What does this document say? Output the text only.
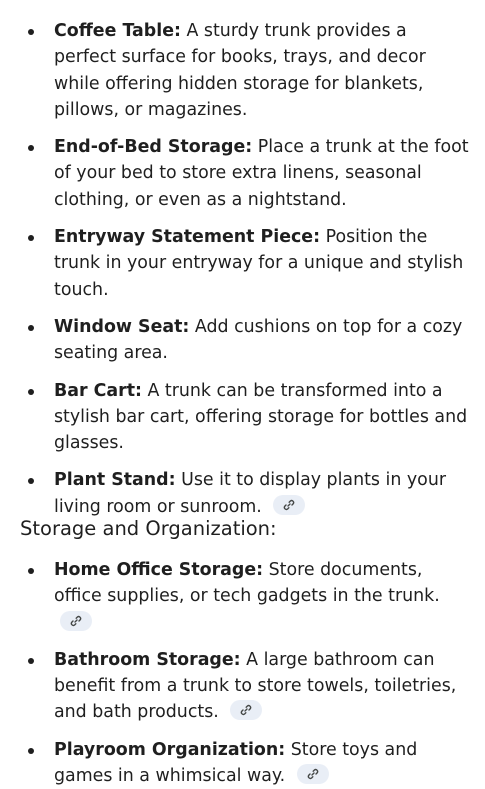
Coffee Table: A sturdy trunk provides a perfect surface for books, trays, and decor while offering hidden storage for blankets, pillows, or magazines.
End-of-Bed Storage: Place a trunk at the foot of your bed to store extra linens, seasonal clothing, or even as a nightstand.
Entryway Statement Piece: Position the trunk in your entryway for a unique and stylish touch.
Window Seat: Add cushions on top for a cozy seating area.
Bar Cart: A trunk can be transformed into a stylish bar cart, offering storage for bottles and glasses.
Plant Stand: Use it to display plants in your living room or sunroom.
Storage and Organization:
Home Office Storage: Store documents, office supplies, or tech gadgets in the trunk.
Bathroom Storage: A large bathroom can benefit from a trunk to store towels, toiletries, and bath products.
Playroom Organization: Store toys and games in a whimsical way.
